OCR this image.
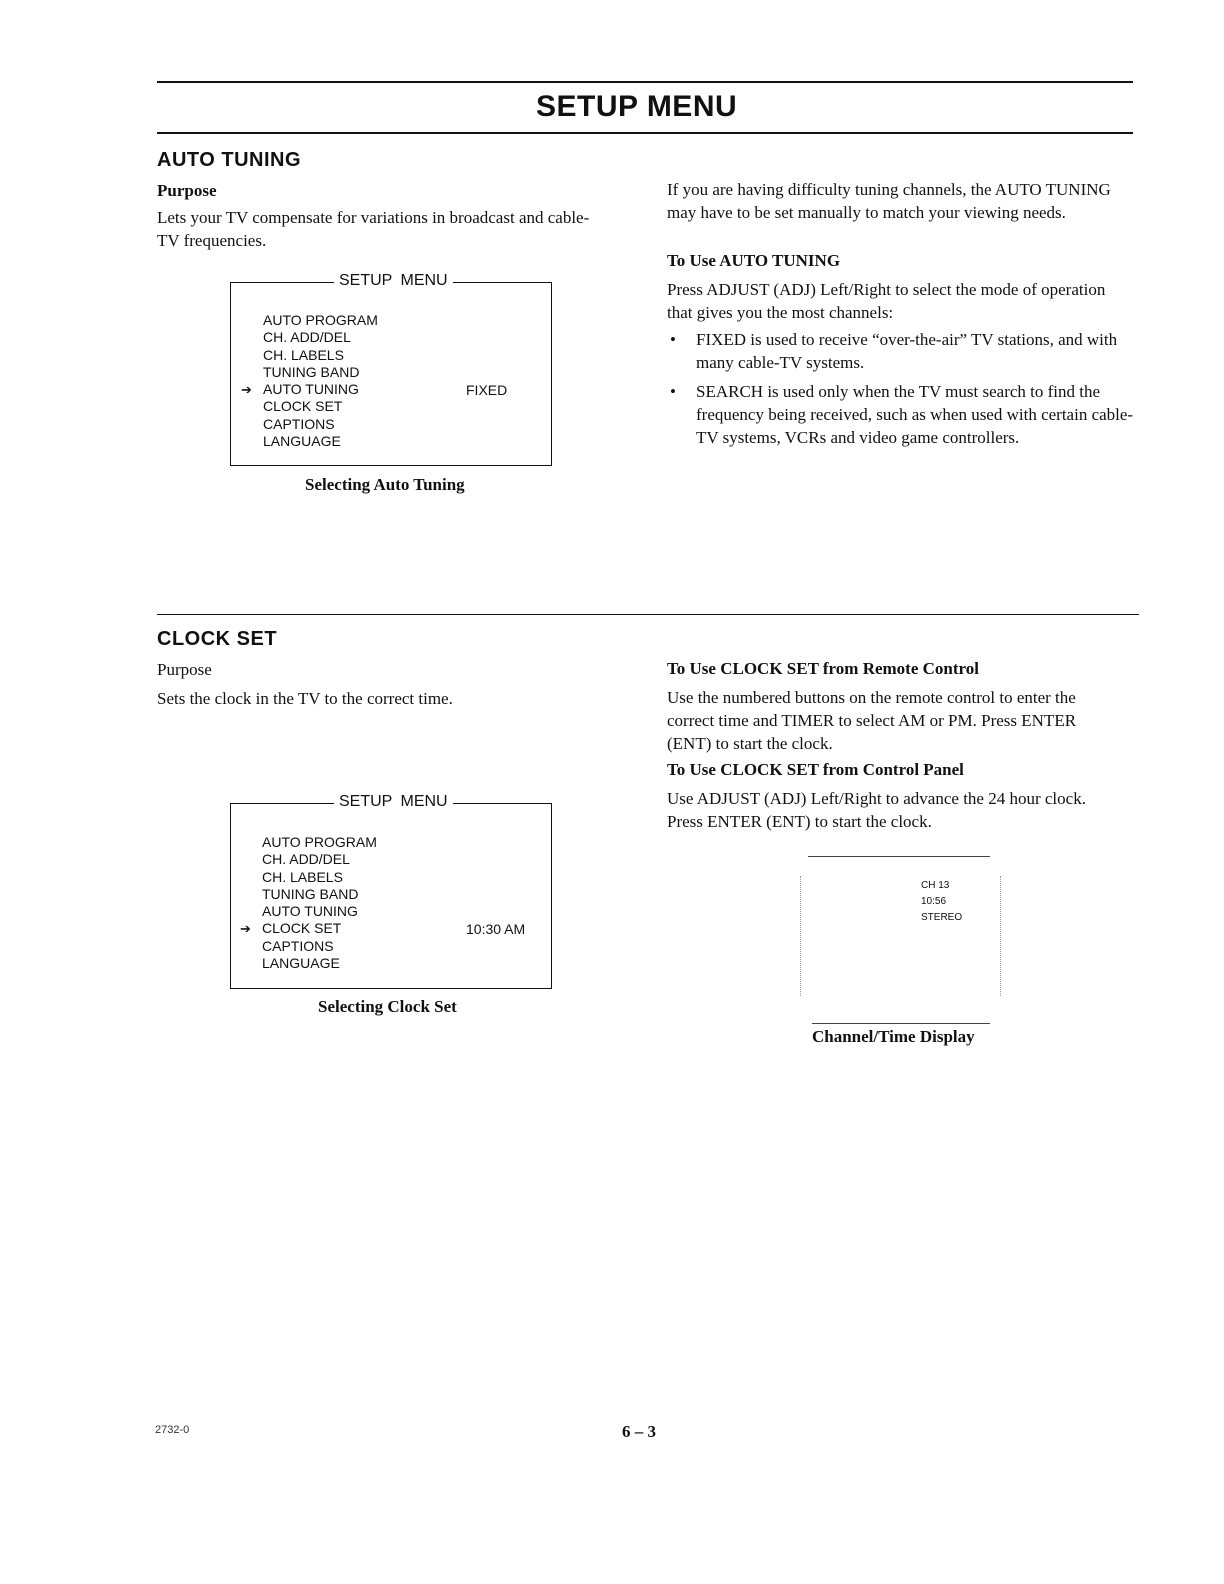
SETUP MENU
AUTO TUNING
Purpose
Lets your TV compensate for variations in broadcast and cable-TV frequencies.
SETUP MENU
AUTO PROGRAM
CH. ADD/DEL
CH. LABELS
TUNING BAND
➔ AUTO TUNING
CLOCK SET
CAPTIONS
LANGUAGE
FIXED
Selecting Auto Tuning
If you are having difficulty tuning channels, the AUTO TUNING may have to be set manually to match your viewing needs.
To Use AUTO TUNING
Press ADJUST (ADJ) Left/Right to select the mode of operation that gives you the most channels:
• FIXED is used to receive “over-the-air” TV stations, and with many cable-TV systems.
• SEARCH is used only when the TV must search to find the frequency being received, such as when used with certain cable-TV systems, VCRs and video game controllers.
CLOCK SET
Purpose
Sets the clock in the TV to the correct time.
SETUP MENU
AUTO PROGRAM
CH. ADD/DEL
CH. LABELS
TUNING BAND
AUTO TUNING
➔ CLOCK SET
CAPTIONS
LANGUAGE
10:30 AM
Selecting Clock Set
To Use CLOCK SET from Remote Control
Use the numbered buttons on the remote control to enter the correct time and TIMER to select AM or PM. Press ENTER (ENT) to start the clock.
To Use CLOCK SET from Control Panel
Use ADJUST (ADJ) Left/Right to advance the 24 hour clock. Press ENTER (ENT) to start the clock.
CH 13
10:56
STEREO
Channel/Time Display
2732-0	6 – 3
